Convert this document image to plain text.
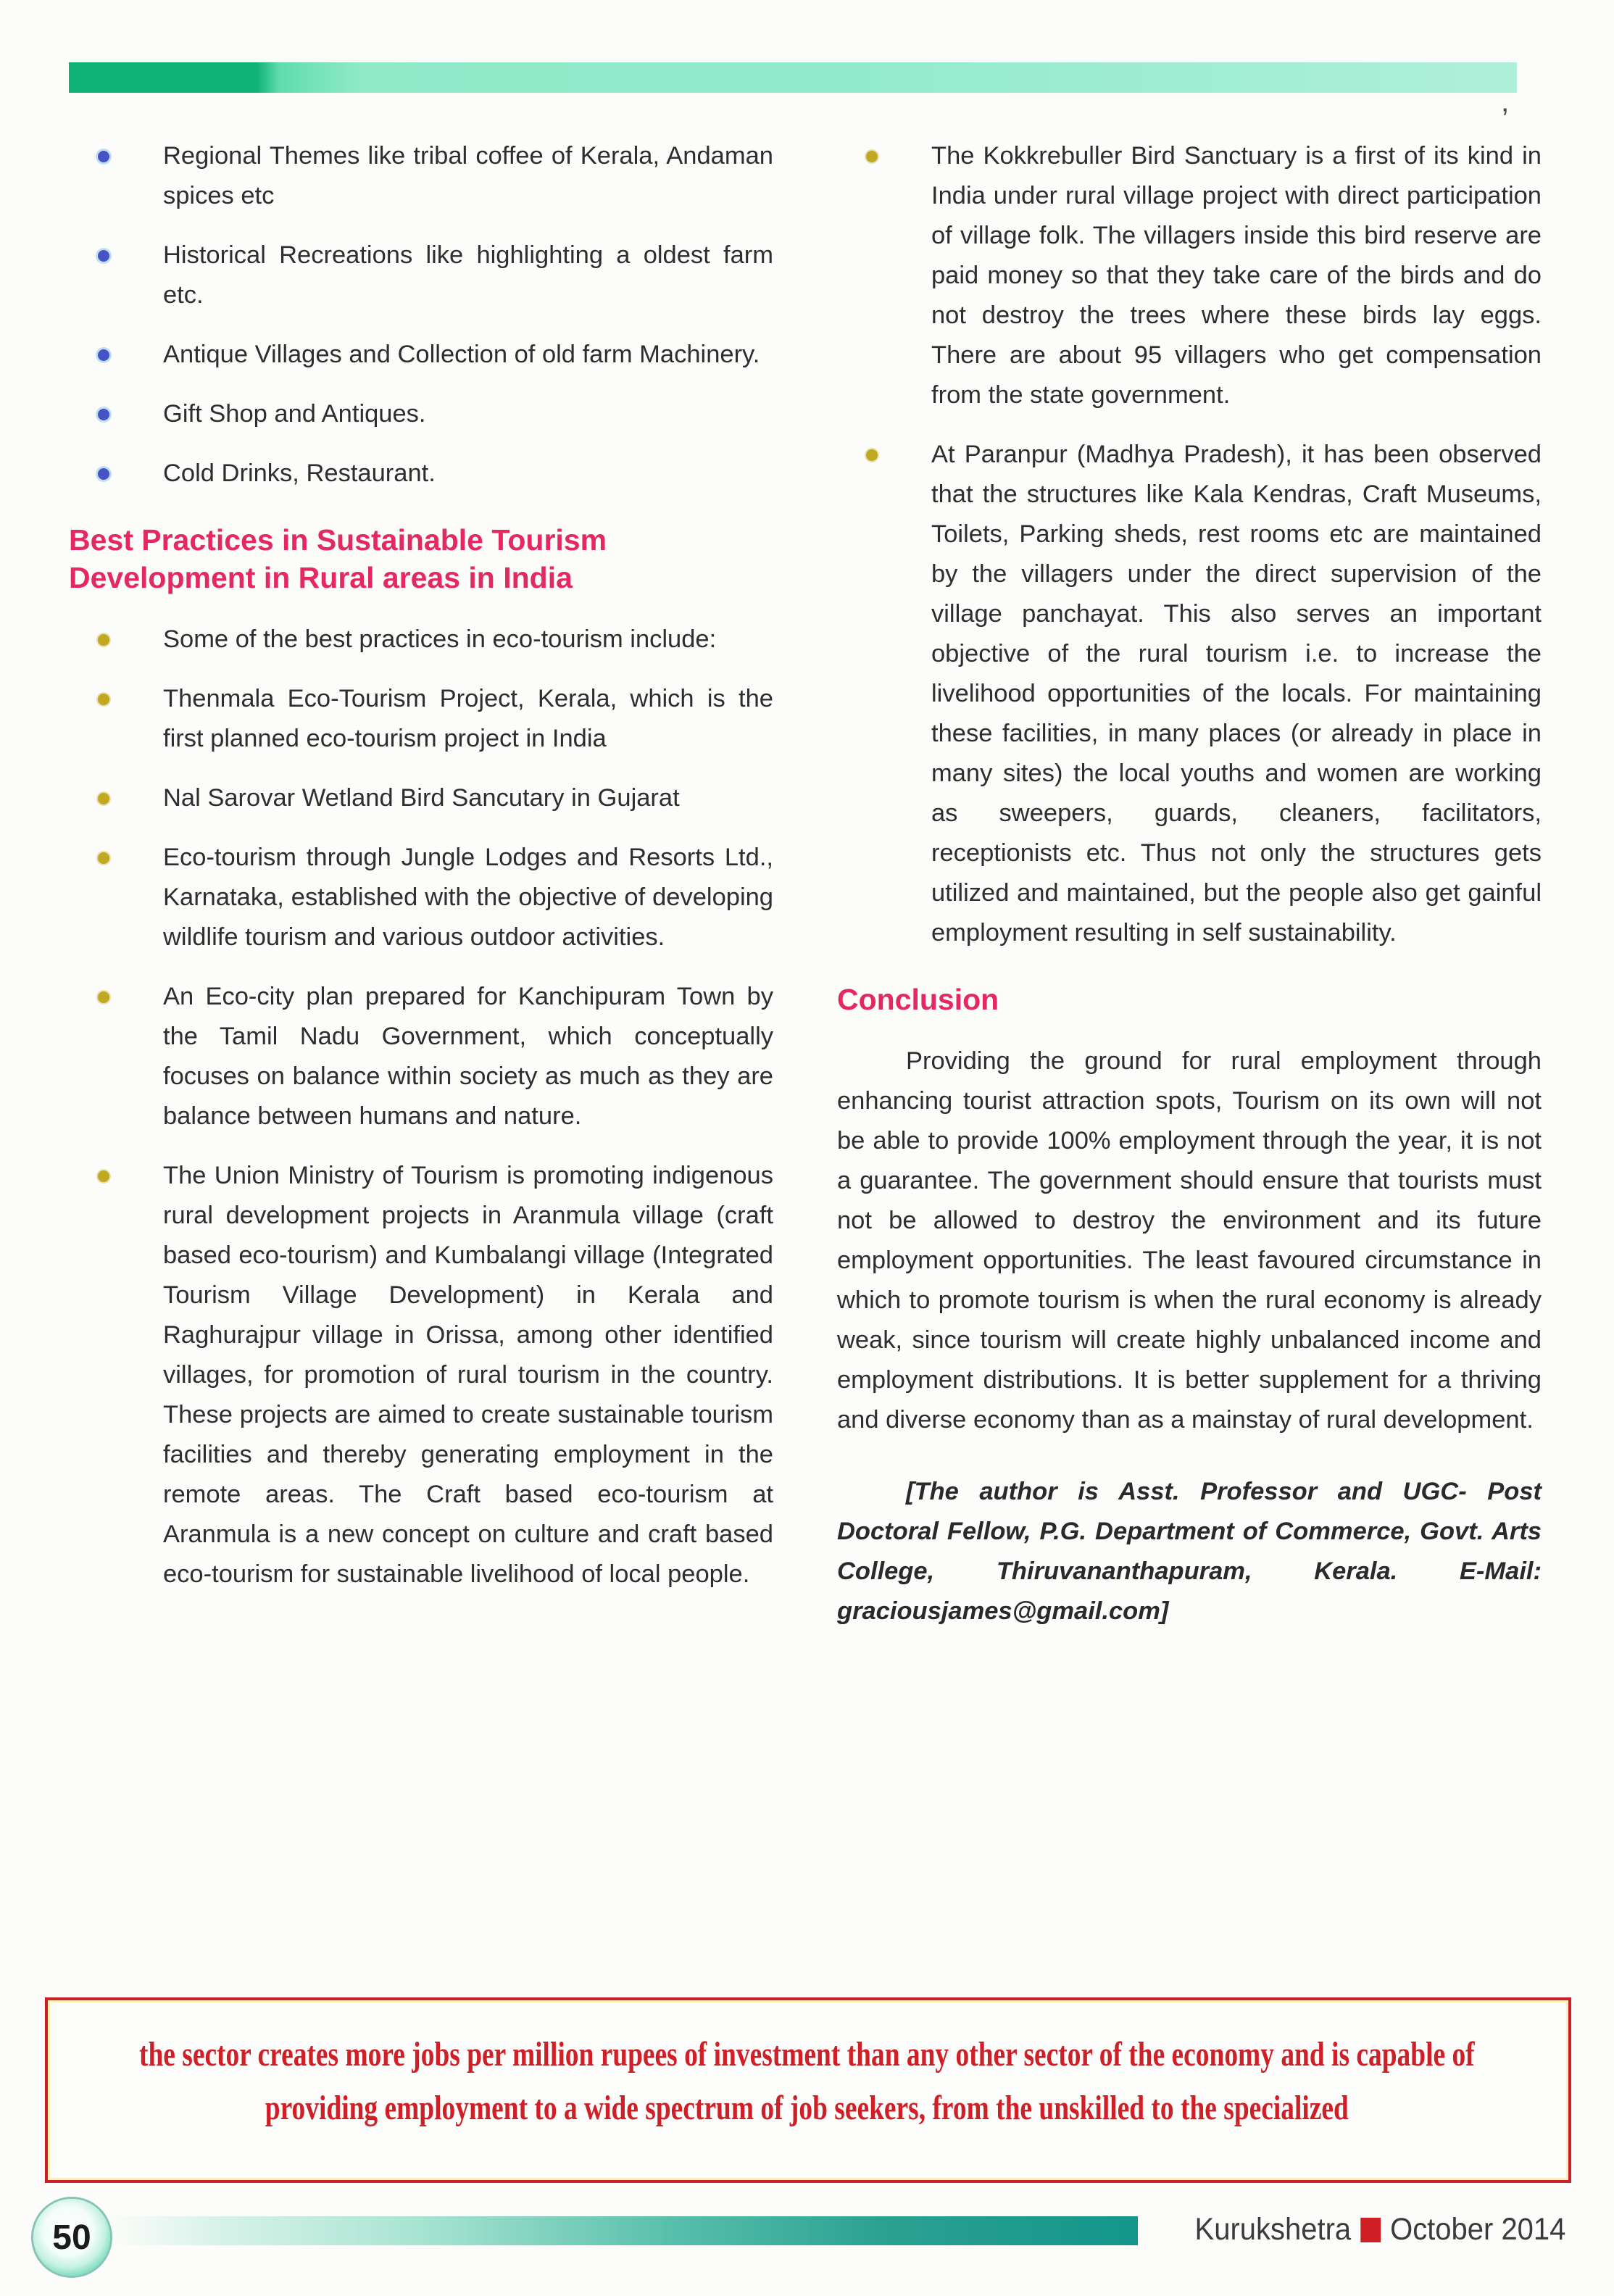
’
Regional Themes like tribal coffee of Kerala, Andaman spices etc
Historical Recreations like highlighting a oldest farm etc.
Antique Villages and Collection of old farm Machinery.
Gift Shop and Antiques.
Cold Drinks, Restaurant.
Best Practices in Sustainable Tourism Development in Rural areas in India
Some of the best practices in eco-tourism include:
Thenmala Eco-Tourism Project, Kerala, which is the first planned eco-tourism project in India
Nal Sarovar Wetland Bird Sancutary in Gujarat
Eco-tourism through Jungle Lodges and Resorts Ltd., Karnataka, established with the objective of developing wildlife tourism and various outdoor activities.
An Eco-city plan prepared for Kanchipuram Town by the Tamil Nadu Government, which conceptually focuses on balance within society as much as they are balance between humans and nature.
The Union Ministry of Tourism is promoting indigenous rural development projects in Aranmula village (craft based eco-tourism) and Kumbalangi village (Integrated Tourism Village Development) in Kerala and Raghurajpur village in Orissa, among other identified villages, for promotion of rural tourism in the country. These projects are aimed to create sustainable tourism facilities and thereby generating employment in the remote areas. The Craft based eco-tourism at Aranmula is a new concept on culture and craft based eco-tourism for sustainable livelihood of local people.
The Kokkrebuller Bird Sanctuary is a first of its kind in India under rural village project with direct participation of village folk. The villagers inside this bird reserve are paid money so that they take care of the birds and do not destroy the trees where these birds lay eggs. There are about 95 villagers who get compensation from the state government.
At Paranpur (Madhya Pradesh), it has been observed that the structures like Kala Kendras, Craft Museums, Toilets, Parking sheds, rest rooms etc are maintained by the villagers under the direct supervision of the village panchayat. This also serves an important objective of the rural tourism i.e. to increase the livelihood opportunities of the locals. For maintaining these facilities, in many places (or already in place in many sites) the local youths and women are working as sweepers, guards, cleaners, facilitators, receptionists etc. Thus not only the structures gets utilized and maintained, but the people also get gainful employment resulting in self sustainability.
Conclusion

Providing the ground for rural employment through enhancing tourist attraction spots, Tourism on its own will not be able to provide 100% employment through the year, it is not a guarantee. The government should ensure that tourists must not be allowed to destroy the environment and its future employment opportunities. The least favoured circumstance in which to promote tourism is when the rural economy is already weak, since tourism will create highly unbalanced income and employment distributions. It is better supplement for a thriving and diverse economy than as a mainstay of rural development.

[The author is Asst. Professor and UGC- Post Doctoral Fellow, P.G. Department of Commerce, Govt. Arts College, Thiruvananthapuram, Kerala. E-Mail: graciousjames@gmail.com]

the sector creates more jobs per million rupees of investment than any other sector of the economy and is capable of providing employment to a wide spectrum of job seekers, from the unskilled to the specialized
50	Kurukshetra October 2014
